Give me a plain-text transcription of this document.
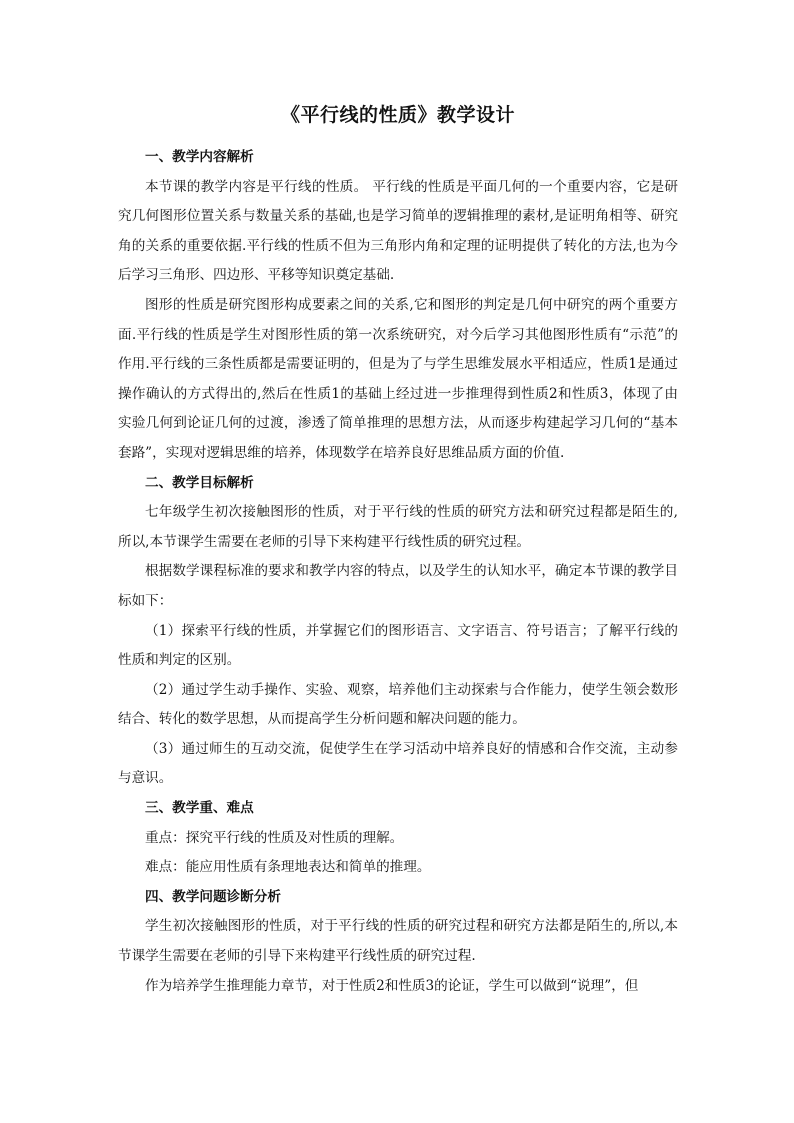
《平行线的性质》教学设计
一、教学内容解析

本节课的教学内容是平行线的性质。 平行线的性质是平面几何的一个重要内容，它是研究几何图形位置关系与数量关系的基础,也是学习简单的逻辑推理的素材,是证明角相等、研究角的关系的重要依据.平行线的性质不但为三角形内角和定理的证明提供了转化的方法,也为今后学习三角形、四边形、平移等知识奠定基础.

图形的性质是研究图形构成要素之间的关系,它和图形的判定是几何中研究的两个重要方面.平行线的性质是学生对图形性质的第一次系统研究，对今后学习其他图形性质有“示范”的作用.平行线的三条性质都是需要证明的，但是为了与学生思维发展水平相适应，性质1是通过操作确认的方式得出的,然后在性质1的基础上经过进一步推理得到性质2和性质3，体现了由实验几何到论证几何的过渡，渗透了简单推理的思想方法，从而逐步构建起学习几何的“基本套路”，实现对逻辑思维的培养，体现数学在培养良好思维品质方面的价值.

二、教学目标解析

七年级学生初次接触图形的性质，对于平行线的性质的研究方法和研究过程都是陌生的,所以,本节课学生需要在老师的引导下来构建平行线性质的研究过程。

根据数学课程标准的要求和教学内容的特点，以及学生的认知水平，确定本节课的教学目标如下：

（1）探索平行线的性质，并掌握它们的图形语言、文字语言、符号语言；了解平行线的性质和判定的区别。

（2）通过学生动手操作、实验、观察，培养他们主动探索与合作能力，使学生领会数形结合、转化的数学思想，从而提高学生分析问题和解决问题的能力。

（3）通过师生的互动交流，促使学生在学习活动中培养良好的情感和合作交流，主动参与意识。

三、教学重、难点

重点：探究平行线的性质及对性质的理解。

难点：能应用性质有条理地表达和简单的推理。

四、教学问题诊断分析

学生初次接触图形的性质，对于平行线的性质的研究过程和研究方法都是陌生的,所以,本节课学生需要在老师的引导下来构建平行线性质的研究过程.

作为培养学生推理能力章节，对于性质2和性质3的论证，学生可以做到“说理”，但
